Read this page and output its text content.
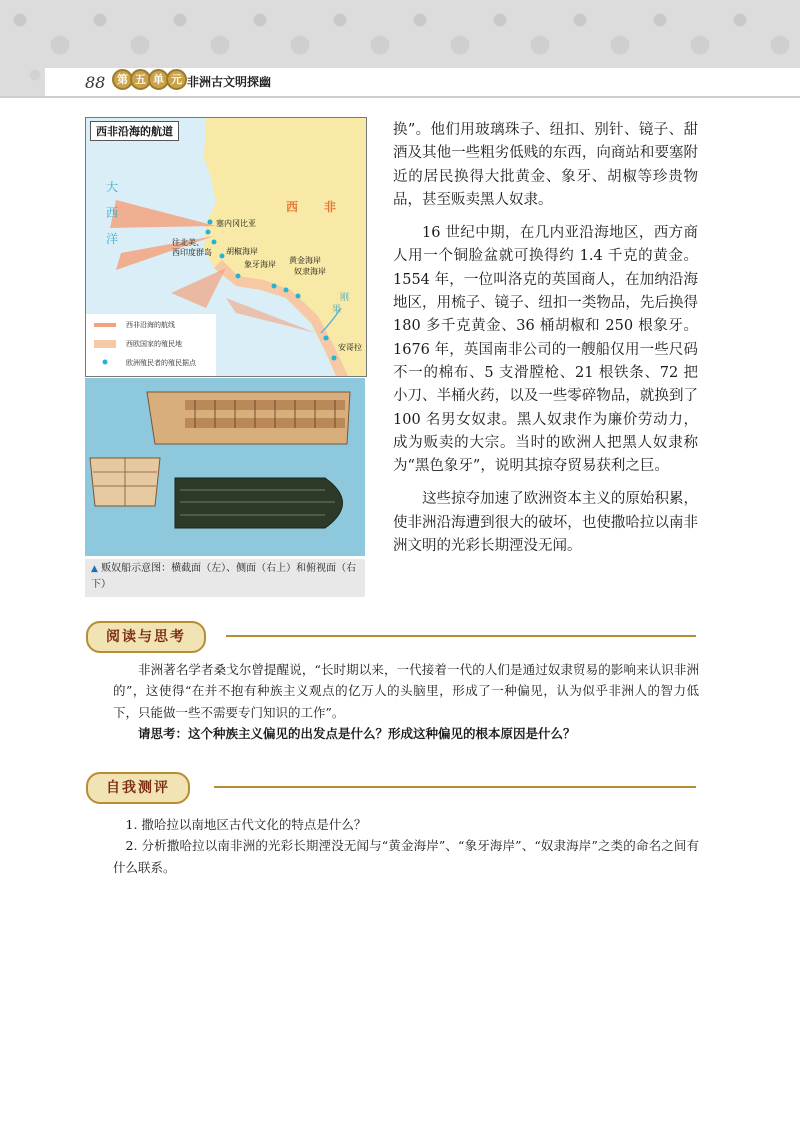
88	第 五 单 元 非洲古文明探幽
西非沿海的航道
大
西
洋
西 非
塞内冈比亚
往北美、
西印度群岛 胡椒海岸
象牙海岸 黄金海岸
奴隶海岸
刚
果
安哥拉
西非沿海的航线
西欧国家的殖民地
欧洲殖民者的殖民据点
▲ 贩奴船示意图：横截面（左）、侧面（右上）和俯视面（右下）

换”。他们用玻璃珠子、纽扣、别针、镜子、甜酒及其他一些粗劣低贱的东西，向商站和要塞附近的居民换得大批黄金、象牙、胡椒等珍贵物品，甚至贩卖黑人奴隶。

16 世纪中期，在几内亚沿海地区，西方商人用一个铜脸盆就可换得约 1.4 千克的黄金。1554 年，一位叫洛克的英国商人，在加纳沿海地区，用梳子、镜子、纽扣一类物品，先后换得 180 多千克黄金、36 桶胡椒和 250 根象牙。1676 年，英国南非公司的一艘船仅用一些尺码不一的棉布、5 支滑膛枪、21 根铁条、72 把小刀、半桶火药，以及一些零碎物品，就换到了 100 名男女奴隶。黑人奴隶作为廉价劳动力，成为贩卖的大宗。当时的欧洲人把黑人奴隶称为“黑色象牙”，说明其掠夺贸易获利之巨。

这些掠夺加速了欧洲资本主义的原始积累，使非洲沿海遭到很大的破坏，也使撒哈拉以南非洲文明的光彩长期湮没无闻。

阅读与思考

非洲著名学者桑戈尔曾提醒说，“长时期以来，一代接着一代的人们是通过奴隶贸易的影响来认识非洲的”，这使得“在并不抱有种族主义观点的亿万人的头脑里，形成了一种偏见，认为似乎非洲人的智力低下，只能做一些不需要专门知识的工作”。

请思考：这个种族主义偏见的出发点是什么？形成这种偏见的根本原因是什么？

自我测评

1. 撒哈拉以南地区古代文化的特点是什么？

2. 分析撒哈拉以南非洲的光彩长期湮没无闻与“黄金海岸”、“象牙海岸”、“奴隶海岸”之类的命名之间有什么联系。
